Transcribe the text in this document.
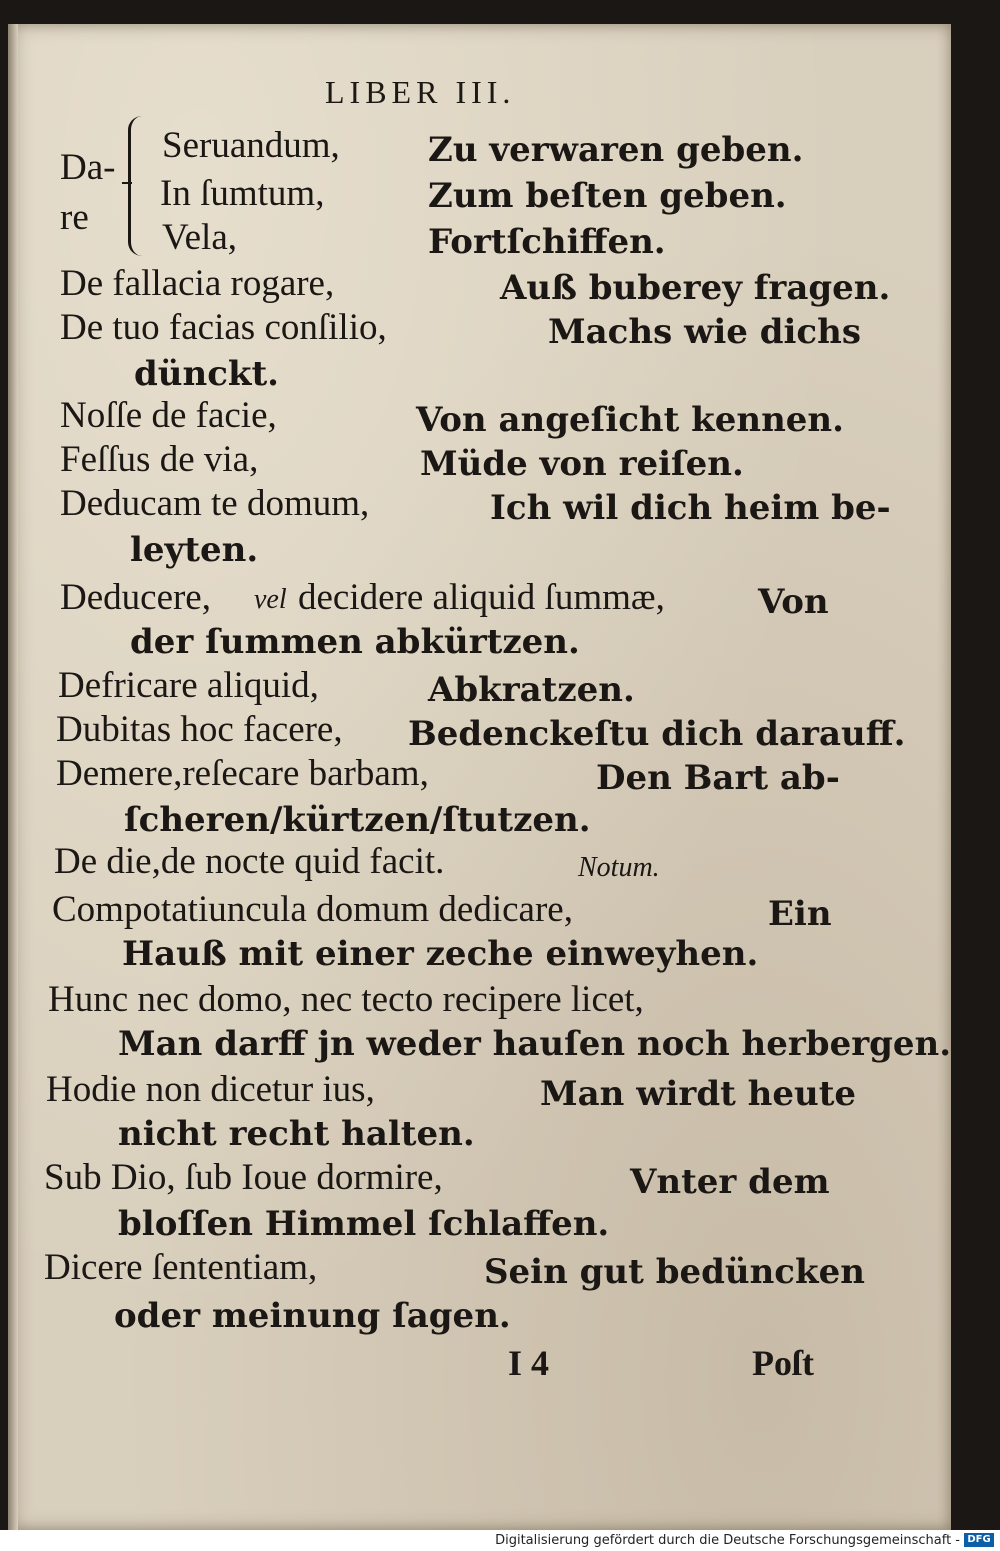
LIBER III.
Da-
re
Seruandum,	Zu verwaren geben.
In ſumtum,	Zum beſten geben.
Vela,	Fortſchiffen.
De fallacia rogare,	Auß buberey fragen.
De tuo facias conſilio,	Machs wie dichs
dünckt.
Noſſe de facie,	Von angeſicht kennen.
Feſſus de via,	Müde von reiſen.
Deducam te domum,	Ich wil dich heim be-
leyten.
Deducere, vel decidere aliquid ſummæ,	Von
der ſummen abkürtzen.
Defricare aliquid,	Abkratzen.
Dubitas hoc facere, Bedenckeſtu dich darauff.
Demere,reſecare barbam,	Den Bart ab-
ſcheren/kürtzen/ſtutzen.
De die,de nocte quid facit.	Notum.
Compotatiuncula domum dedicare,	Ein
Hauß mit einer zeche einweyhen.
Hunc nec domo, nec tecto recipere licet,
Man darff jn weder hauſen noch herbergen.
Hodie non dicetur ius,	Man wirdt heute
nicht recht halten.
Sub Dio, ſub Ioue dormire,	Vnter dem
bloſſen Himmel ſchlaffen.
Dicere ſententiam,	Sein gut bedüncken
oder meinung ſagen.
I 4	Poſt
Digitalisierung gefördert durch die Deutsche Forschungsgemeinschaft - DFG
